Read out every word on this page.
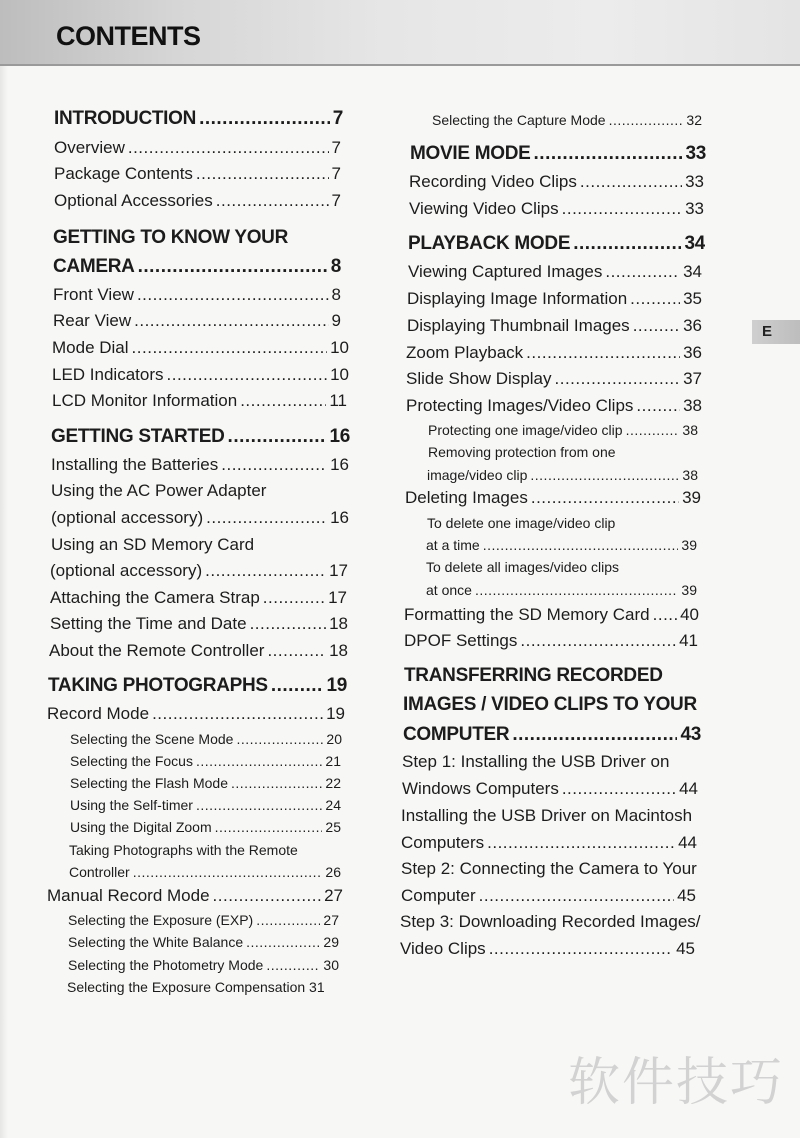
CONTENTS
E
INTRODUCTION .....	7
Overview .....	7
Package Contents .....	7
Optional Accessories .....	7
GETTING TO KNOW YOUR
CAMERA .....	8
Front View .....	8
Rear View .....	9
Mode Dial .....	10
LED Indicators .....	10
LCD Monitor Information .....	11
GETTING STARTED .....	16
Installing the Batteries .....	16
Using the AC Power Adapter
(optional accessory) .....	16
Using an SD Memory Card
(optional accessory) .....	17
Attaching the Camera Strap .....	17
Setting the Time and Date .....	18
About the Remote Controller .....	18
TAKING PHOTOGRAPHS .....	19
Record Mode .....	19
Selecting the Scene Mode .....	20
Selecting the Focus .....	21
Selecting the Flash Mode .....	22
Using the Self-timer .....	24
Using the Digital Zoom .....	25
Taking Photographs with the Remote
Controller .....	26
Manual Record Mode .....	27
Selecting the Exposure (EXP) .....	27
Selecting the White Balance .....	29
Selecting the Photometry Mode .....	30
Selecting the Exposure Compensation 31
Selecting the Capture Mode .....	32
MOVIE MODE .....	33
Recording Video Clips .....	33
Viewing Video Clips .....	33
PLAYBACK MODE .....	34
Viewing Captured Images .....	34
Displaying Image Information .....	35
Displaying Thumbnail Images .....	36
Zoom Playback .....	36
Slide Show Display .....	37
Protecting Images/Video Clips .....	38
Protecting one image/video clip .....	38
Removing protection from one
image/video clip .....	38
Deleting Images .....	39
To delete one image/video clip
at a time .....	39
To delete all images/video clips
at once .....	39
Formatting the SD Memory Card ..... 40
DPOF Settings .....	41
TRANSFERRING RECORDED
IMAGES / VIDEO CLIPS TO YOUR
COMPUTER .....	43
Step 1: Installing the USB Driver on
Windows Computers .....	44
Installing the USB Driver on Macintosh
Computers .....	44
Step 2: Connecting the Camera to Your
Computer .....	45
Step 3: Downloading Recorded Images/
Video Clips .....	45
软件技巧
